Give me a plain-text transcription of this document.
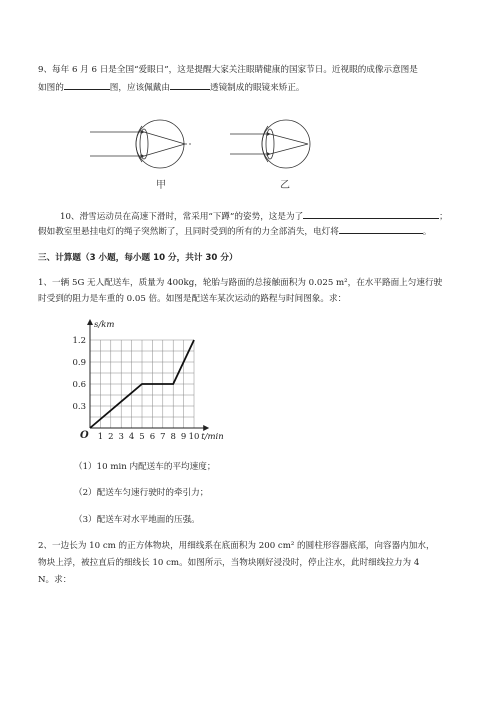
9、每年 6 月 6 日是全国“爱眼日”，这是提醒大家关注眼睛健康的国家节日。近视眼的成像示意图是
如图的	图，应该佩戴由	透镜制成的眼镜来矫正。
甲	乙
10、滑雪运动员在高速下滑时，常采用“下蹲”的姿势，这是为了	；
假如教室里悬挂电灯的绳子突然断了，且同时受到的所有的力全部消失，电灯将	。
三、计算题（3 小题，每小题 10 分，共计 30 分）
1、一辆 5G 无人配送车，质量为 400kg，轮胎与路面的总接触面积为 0.025 m²，在水平路面上匀速行驶
时受到的阻力是车重的 0.05 倍。如图是配送车某次运动的路程与时间图象。求：
1 2 3 4 5 6 7 8 9 10
0.3
0.6
0.9
1.2
O	t/min
s/km
（1）10 min 内配送车的平均速度；
（2）配送车匀速行驶时的牵引力；
（3）配送车对水平地面的压强。
2、一边长为 10 cm 的正方体物块，用细线系在底面积为 200 cm² 的圆柱形容器底部，向容器内加水，
物块上浮，被拉直后的细线长 10 cm。如图所示，当物块刚好浸没时，停止注水，此时细线拉力为 4
N。求：
